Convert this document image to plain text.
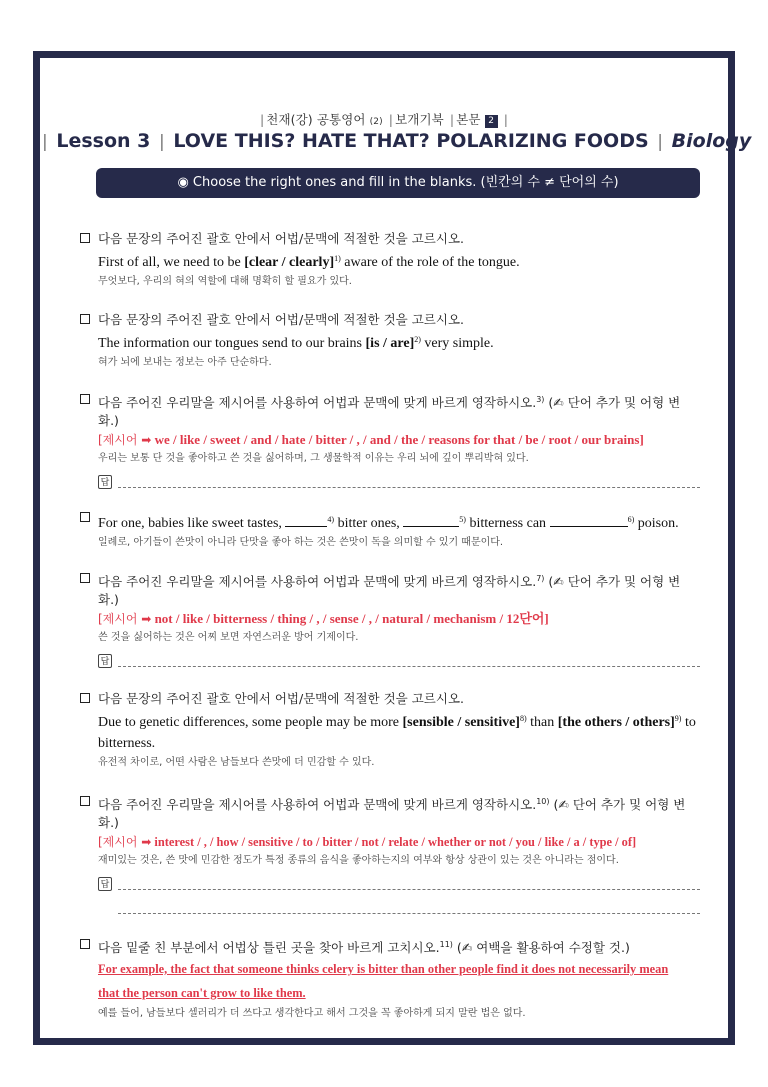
| 천재(강) 공통영어 (2) | 보개기북 | 본문 2 |
| Lesson 3 | LOVE THIS? HATE THAT? POLARIZING FOODS | Biology
◉ Choose the right ones and fill in the blanks. (빈칸의 수 ≠ 단어의 수)
다음 문장의 주어진 괄호 안에서 어법/문맥에 적절한 것을 고르시오.
First of all, we need to be [clear / clearly]$^{1)}$ aware of the role of the tongue.
무엇보다, 우리의 혀의 역할에 대해 명확히 할 필요가 있다.
다음 문장의 주어진 괄호 안에서 어법/문맥에 적절한 것을 고르시오.
The information our tongues send to our brains [is / are]$^{2)}$ very simple.
혀가 뇌에 보내는 정보는 아주 단순하다.
다음 주어진 우리말을 제시어를 사용하여 어법과 문맥에 맞게 바르게 영작하시오.$^{3)}$ (✍ 단어 추가 및 어형 변화.)
[제시어 ➡ we / like / sweet / and / hate / bitter / , / and / the / reasons for that / be / root / our brains]
우리는 보통 단 것을 좋아하고 쓴 것을 싫어하며, 그 생물학적 이유는 우리 뇌에 깊이 뿌리박혀 있다.
답
For one, babies like sweet tastes,	$^{4)}$ bitter ones,	$^{5)}$ bitterness can	$^{6)}$ poison.
일례로, 아기들이 쓴맛이 아니라 단맛을 좋아 하는 것은 쓴맛이 독을 의미할 수 있기 때문이다.
다음 주어진 우리말을 제시어를 사용하여 어법과 문맥에 맞게 바르게 영작하시오.$^{7)}$ (✍ 단어 추가 및 어형 변화.)
[제시어 ➡ not / like / bitterness / thing / , / sense / , / natural / mechanism / 12단어]
쓴 것을 싫어하는 것은 어찌 보면 자연스러운 방어 기제이다.
답
다음 문장의 주어진 괄호 안에서 어법/문맥에 적절한 것을 고르시오.
Due to genetic differences, some people may be more [sensible / sensitive]$^{8)}$ than [the others / others]$^{9)}$ to
bitterness.
유전적 차이로, 어떤 사람은 남들보다 쓴맛에 더 민감할 수 있다.
다음 주어진 우리말을 제시어를 사용하여 어법과 문맥에 맞게 바르게 영작하시오.$^{10)}$ (✍ 단어 추가 및 어형 변화.)
[제시어 ➡ interest / , / how / sensitive / to / bitter / not / relate / whether or not / you / like / a / type / of]
재미있는 것은, 쓴 맛에 민감한 정도가 특정 종류의 음식을 좋아하는지의 여부와 항상 상관이 있는 것은 아니라는 점이다.
답
다음 밑줄 친 부분에서 어법상 틀린 곳을 찾아 바르게 고치시오.$^{11)}$ (✍ 여백을 활용하여 수정할 것.)
For example, the fact that someone thinks celery is bitter than other people find it does not necessarily mean
that the person can't grow to like them.
예를 들어, 남들보다 셀러리가 더 쓰다고 생각한다고 해서 그것을 꼭 좋아하게 되지 말란 법은 없다.
